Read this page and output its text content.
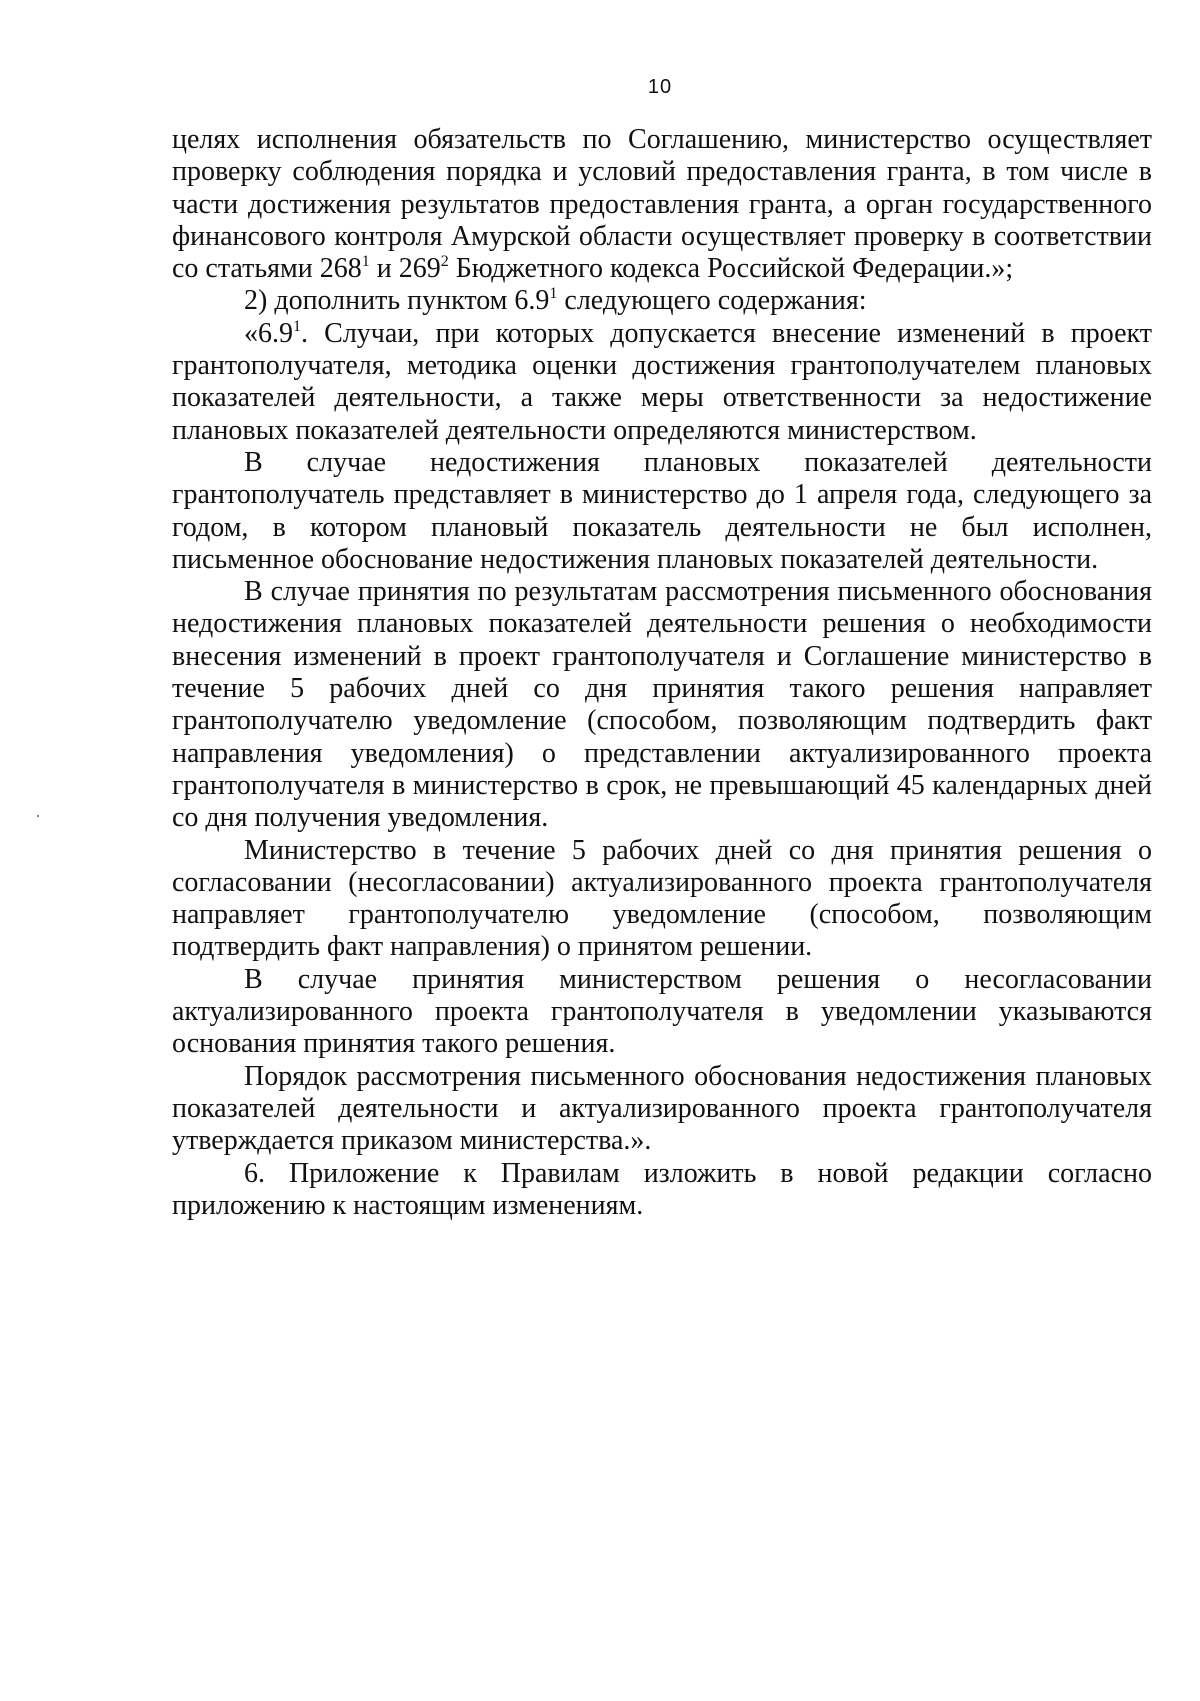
10

целях исполнения обязательств по Соглашению, министерство осуществляет проверку соблюдения порядка и условий предоставления гранта, в том числе в части достижения результатов предоставления гранта, а орган государственного финансового контроля Амурской области осуществляет проверку в соответствии со статьями $268^1$ и $269^2$ Бюджетного кодекса Российской Федерации.»;

2) дополнить пунктом $6.9^1$ следующего содержания:

«$6.9^1$. Случаи, при которых допускается внесение изменений в проект грантополучателя, методика оценки достижения грантополучателем плановых показателей деятельности, а также меры ответственности за недостижение плановых показателей деятельности определяются министерством.

В случае недостижения плановых показателей деятельности грантополучатель представляет в министерство до 1 апреля года, следующего за годом, в котором плановый показатель деятельности не был исполнен, письменное обоснование недостижения плановых показателей деятельности.

В случае принятия по результатам рассмотрения письменного обоснования недостижения плановых показателей деятельности решения о необходимости внесения изменений в проект грантополучателя и Соглашение министерство в течение 5 рабочих дней со дня принятия такого решения направляет грантополучателю уведомление (способом, позволяющим подтвердить факт направления уведомления) о представлении актуализированного проекта грантополучателя в министерство в срок, не превышающий 45 календарных дней со дня получения уведомления.

Министерство в течение 5 рабочих дней со дня принятия решения о согласовании (несогласовании) актуализированного проекта грантополучателя направляет грантополучателю уведомление (способом, позволяющим подтвердить факт направления) о принятом решении.

В случае принятия министерством решения о несогласовании актуализированного проекта грантополучателя в уведомлении указываются основания принятия такого решения.

Порядок рассмотрения письменного обоснования недостижения плановых показателей деятельности и актуализированного проекта грантополучателя утверждается приказом министерства.».

6. Приложение к Правилам изложить в новой редакции согласно приложению к настоящим изменениям.
